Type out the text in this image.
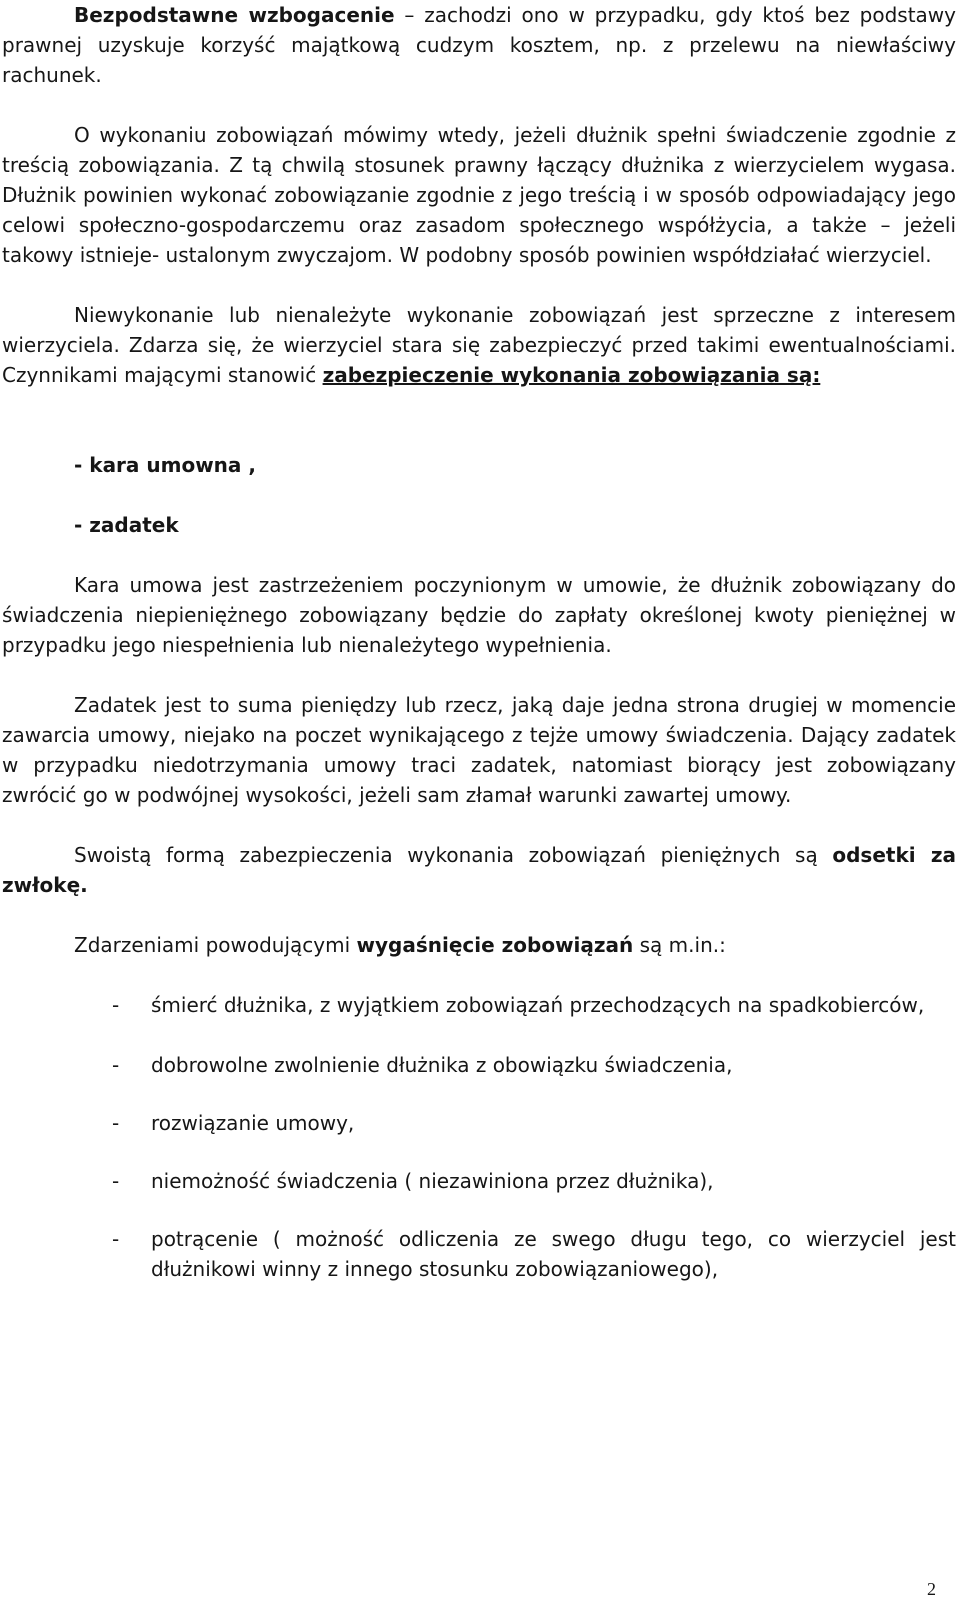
Bezpodstawne wzbogacenie – zachodzi ono w przypadku, gdy ktoś bez podstawy prawnej uzyskuje korzyść majątkową cudzym kosztem, np. z przelewu na niewłaściwy rachunek.

O wykonaniu zobowiązań mówimy wtedy, jeżeli dłużnik spełni świadczenie zgodnie z treścią zobowiązania. Z tą chwilą stosunek prawny łączący dłużnika z wierzycielem wygasa. Dłużnik powinien wykonać zobowiązanie zgodnie z jego treścią i w sposób odpowiadający jego celowi społeczno-gospodarczemu oraz zasadom społecznego współżycia, a także – jeżeli takowy istnieje- ustalonym zwyczajom. W podobny sposób powinien współdziałać wierzyciel.

Niewykonanie lub nienależyte wykonanie zobowiązań jest sprzeczne z interesem wierzyciela. Zdarza się, że wierzyciel stara się zabezpieczyć przed takimi ewentualnościami. Czynnikami mającymi stanowić zabezpieczenie wykonania zobowiązania są:

- kara umowna ,

- zadatek

Kara umowa jest zastrzeżeniem poczynionym w umowie, że dłużnik zobowiązany do świadczenia niepieniężnego zobowiązany będzie do zapłaty określonej kwoty pieniężnej w przypadku jego niespełnienia lub nienależytego wypełnienia.

Zadatek jest to suma pieniędzy lub rzecz, jaką daje jedna strona drugiej w momencie zawarcia umowy, niejako na poczet wynikającego z tejże umowy świadczenia. Dający zadatek w przypadku niedotrzymania umowy traci zadatek, natomiast biorący jest zobowiązany zwrócić go w podwójnej wysokości, jeżeli sam złamał warunki zawartej umowy.

Swoistą formą zabezpieczenia wykonania zobowiązań pieniężnych są odsetki za zwłokę.

Zdarzeniami powodującymi wygaśnięcie zobowiązań są m.in.:

- śmierć dłużnika, z wyjątkiem zobowiązań przechodzących na spadkobierców,
- dobrowolne zwolnienie dłużnika z obowiązku świadczenia,
- rozwiązanie umowy,
- niemożność świadczenia ( niezawiniona przez dłużnika),
- potrącenie ( możność odliczenia ze swego długu tego, co wierzyciel jest dłużnikowi winny z innego stosunku zobowiązaniowego),
2
